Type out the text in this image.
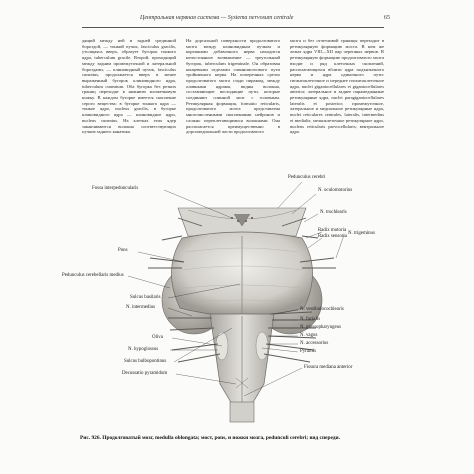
Центральная нервная система — Systema nervosum centrale	65

дящий между ней и задней срединной бороздой, — тонкий пучок, fasciculus gracilis, утолщаясь вверх, образует бугорок тонкого ядра, tuberculum gracile. Второй, проходящий между задним промежуточной и латеральной бороздами, — клиновидный пучок, fasciculus cuneatus, продолжается вверх в менее выраженный бугорок клиновидного ядра, tuberculum cuneatum. Оба бугорка без резких границ переходят в нижнюю мозжечковую ножку. В каждом бугорке имеется скопление серого вещества: в бугорке тонкого ядра — тонкое ядро, nucleus gracilis, в бугорке клиновидного ядра — клиновидное ядро, nucleus cuneatus. На клетках этих ядер заканчиваются волокна соответствующих пучков заднего канатика.

На дорсальной поверхности продолговатого мозга между клиновидным пучком и корешками добавочного нерва находится непостоянное возвышение — треугольный бугорок, tuberculum trigeminale. Он образован концевыми отделами спинномозгового пути тройничного нерва. На поперечных срезах продолговатого мозга сзади пирамид, между оливными ядрами, видны волокна, составляющие восходящие пути, которые соединяют спинной мозг с головным. Ретикулярная формация, formatio reticularis, продолговатого мозга представлена многочисленными скоплениями нейронов и сложно переплетающимися волокнами. Она располагается преимущественно в дорсомедиальной части продолговатого

мозга и без отчетливой границы переходит в ретикулярную формацию моста. В нем же лежат ядра VIII—XII пар черепных нервов. В ретикулярную формацию продолговатого мозга входят и ряд клеточных скоплений, располагающихся вблизи ядра подъязычного нерва и ядра одиночного пути: гигантоклеточное и переднее гигантоклеточное ядра, nuclei gigantocellulares et gigantocellulares anterior; латеральное и заднее парамедианные ретикулярные ядра, nuclei paragigantocellulares lateralis et posterior; промежуточное, латеральное и медиальное ретикулярные ядра, nuclei reticulares centrales, lateralis, intermedius et medialis; мелкоклеточное ретикулярное ядро, nucleus reticularis parvocellularis; вентральное ядро.

Pedunculus cerebri
N. oculomotorius
Fossa interpeduncularis
N. trochlearis
Radix motoria
Radix sensoria
N. trigeminus
Pons
Pedunculus cerebellaris medius
Sulcus basilaris
N. intermedius	N. vestibulocochlearis
N. facialis
N. glossopharyngeus
N. vagus
N. accessorius
Pyramis
Oliva
N. hypoglossus
Sulcus bulbopontinus
Fissura mediana anterior
Decussatio pyramidum
Рис. 926. Продолговатый мозг, medulla oblongata; мост, pons, и ножки мозга, pedunculi cerebri; вид спереди.
